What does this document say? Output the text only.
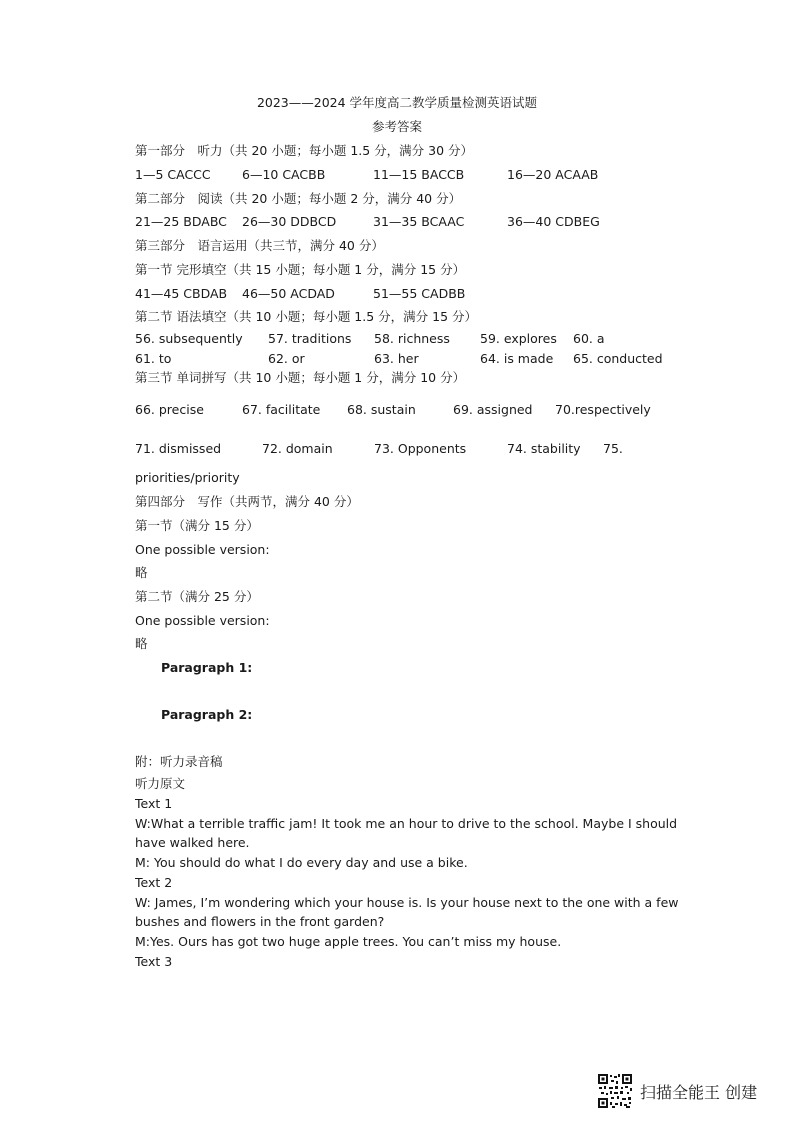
2023——2024 学年度高二教学质量检测英语试题
参考答案
第一部分　听力（共 20 小题；每小题 1.5 分，满分 30 分）
1—5 CACCC	6—10 CACBB	11—15 BACCB	16—20 ACAAB
第二部分　阅读（共 20 小题；每小题 2 分，满分 40 分）
21—25 BDABC 26—30 DDBCD	31—35 BCAAC	36—40 CDBEG
第三部分　语言运用（共三节，满分 40 分）
第一节 完形填空（共 15 小题；每小题 1 分，满分 15 分）
41—45 CBDAB 46—50 ACDAD	51—55 CADBB
第二节 语法填空（共 10 小题；每小题 1.5 分，满分 15 分）
56. subsequently 57. traditions 58. richness 59. explores 60. a
61. to	62. or	63. her	64. is made 65. conducted
第三节 单词拼写（共 10 小题；每小题 1 分，满分 10 分）
66. precise	67. facilitate 68. sustain	69. assigned 70.respectively
71. dismissed	72. domain	73. Opponents	74. stability 75.
priorities/priority
第四部分　写作（共两节，满分 40 分）
第一节（满分 15 分）
One possible version:
略
第二节（满分 25 分）
One possible version:
略
Paragraph 1:
Paragraph 2:
附：听力录音稿
听力原文
Text 1
W:What a terrible traffic jam! It took me an hour to drive to the school. Maybe I should
have walked here.
M: You should do what I do every day and use a bike.
Text 2
W: James, I’m wondering which your house is. Is your house next to the one with a few
bushes and flowers in the front garden?
M:Yes. Ours has got two huge apple trees. You can’t miss my house.
Text 3
扫描全能王 创建
